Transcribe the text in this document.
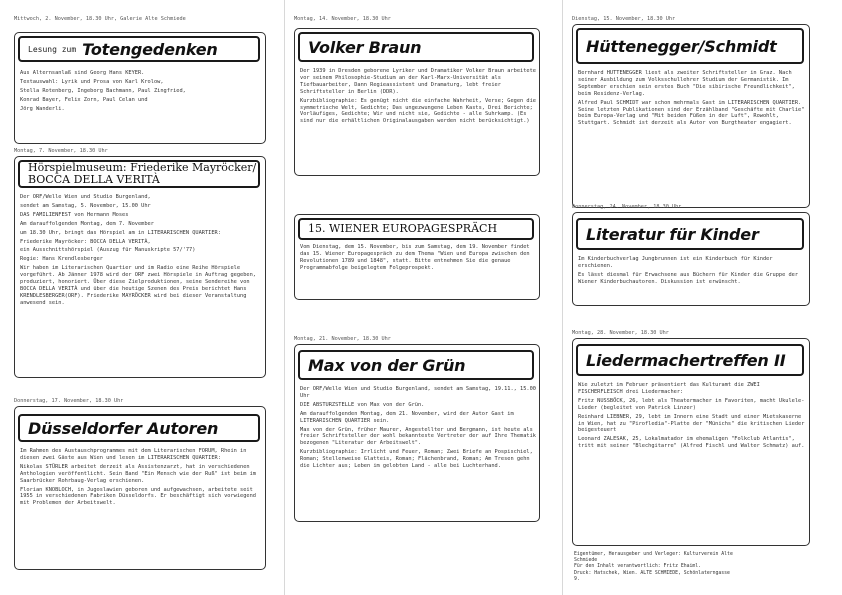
Mittwoch, 2. November, 18.30 Uhr, Galerie Alte Schmiede
Lesung zum Totengedenken

Aus Alternsanlaß sind Georg Hans KEYER.

Textauswahl: Lyrik und Prosa von Karl Krolow,

Stella Rotenberg, Ingeborg Bachmann, Paul Zingfried,

Konrad Bayer, Felix Zorn, Paul Celan und

Jörg Wanderli.

Montag, 7. November, 18.30 Uhr
Hörspielmuseum: Friederike Mayröcker/ BOCCA DELLA VERITÀ

Der ORF/Welle Wien und Studio Burgenland,

sendet am Samstag, 5. November, 15.00 Uhr

DAS FAMILIENFEST von Hermann Moses

Am darauffolgenden Montag, dem 7. November

um 18.30 Uhr, bringt das Hörspiel am in LITERARISCHEN QUARTIER:

Friederike Mayröcker: BOCCA DELLA VERITÀ,

ein Ausschnittshörspiel (Auszug für Manuskripte 57/'77)

Regie: Hans Krendlesberger

Wir haben im Literarischen Quartier und im Radio eine Reihe Hörspiele vorgeführt. Ab Jänner 1978 wird der ORF zwei Hörspiele in Auftrag gegeben, produziert, honoriert. Über diese Zielproduktionen, seine Sendereihe von BOCCA DELLA VERITÀ und über die heutige Szenen des Preis berichtet Hans KRENDLESBERGER(ORF). Friederike MAYRÖCKER wird bei dieser Veranstaltung anwesend sein.

Donnerstag, 17. November, 18.30 Uhr
Düsseldorfer Autoren

Im Rahmen des Austauschprogrammes mit dem Literarischen FORUM, Rhein in diesen zwei Gäste aus Wien und lesen im LITERARISCHEN QUARTIER:

Nikolas STÜRLER arbeitet derzeit als Assistenzarzt, hat in verschiedenen Anthologien veröffentlicht. Sein Band "Ein Mensch wie der Ruß" ist beim im Saarbrücker Rohrbaug-Verlag erschienen.

Florian KNOBLOCH, in Jugoslawien geboren und aufgewachsen, arbeitete seit 1955 in verschiedenen Fabriken Düsseldorfs. Er beschäftigt sich vorwiegend mit Problemen der Arbeitswelt.

Montag, 14. November, 18.30 Uhr
Volker Braun

Der 1939 in Dresden geborene Lyriker und Dramatiker Volker Braun arbeitete vor seinem Philosophie-Studium an der Karl-Marx-Universität als Tiefbauarbeiter, Dann Regieassistent und Dramaturg, lebt freier Schriftsteller in Berlin (DDR).

Kurzbibliographie: Es genügt nicht die einfache Wahrheit, Verse; Gegen die symmetrische Welt, Gedichte; Das ungezwungene Leben Kasts, Drei Berichte; Vorläufiges, Gedichte; Wir und nicht sie, Gedichte - alle Suhrkamp. (Es sind nur die erhältlichen Originalausgaben werden nicht berücksichtigt.)

15. WIENER EUROPAGESPRÄCH

Vom Dienstag, dem 15. November, bis zum Samstag, dem 19. November findet das 15. Wiener Europagespräch zu dem Thema "Wien und Europa zwischen den Revolutionen 1789 und 1848", statt. Bitte entnehmen Sie die genaue Programmabfolge beigelegtem Folgeprospekt.

Montag, 21. November, 18.30 Uhr
Max von der Grün

Der ORF/Welle Wien und Studio Burgenland, sendet am Samstag, 19.11., 15.00 Uhr

DIE ABSTURZSTELLE von Max von der Grün.

Am darauffolgenden Montag, dem 21. November, wird der Autor Gast im LITERARISCHEN QUARTIER sein.

Max von der Grün, früher Maurer, Angestellter und Bergmann, ist heute als freier Schriftsteller der wohl bekannteste Vertreter der auf Ihre Thematik bezogenen "Literatur der Arbeitswelt".

Kurzbibliographie: Irrlicht und Feuer, Roman; Zwei Briefe an Pospischiel, Roman; Stellenweise Glatteis, Roman; Flächenbrand, Roman; Am Tresen gehn die Lichter aus; Leben im gelobten Land - alle bei Luchterhand.

Dienstag, 15. November, 18.30 Uhr
Hüttenegger/Schmidt

Bernhard HÜTTENEGGER liest als zweiter Schriftsteller in Graz. Nach seiner Ausbildung zum Volksschullehrer Studium der Germanistik. Im September erschien sein erstes Buch "Die sibirische Freundlichkeit", beim Residenz-Verlag.

Alfred Paul SCHMIDT war schon mehrmals Gast im LITERARISCHEN QUARTIER. Seine letzten Publikationen sind der Erzählband "Geschäfte mit Charlie" beim Europa-Verlag und "Mit beiden Füßen in der Luft", Rowohlt, Stuttgart. Schmidt ist derzeit als Autor von Burgtheater engagiert.

Donnerstag, 24. November, 18.30 Uhr
Literatur für Kinder

Im Kinderbuchverlag Jungbrunnen ist ein Kinderbuch für Kinder erschienen.

Es lässt diesmal für Erwachsene aus Büchern für Kinder die Gruppe der Wiener Kinderbuchautoren. Diskussion ist erwünscht.

Montag, 28. November, 18.30 Uhr
Liedermachertreffen II

Wie zuletzt im Februer präsentiert das Kulturamt die ZWEI FISCHERFLEISCH drei Liedermacher:

Fritz NUSSBÖCK, 26, lebt als Theatermacher in Favoriten, macht Ukulele-Lieder (begleitet von Patrick Linzer)

Reinhard LIEBNER, 29, lebt im Innern eine Stadt und einer Mietskaserne in Wien, hat zu "Pirofledia"-Platte der "Münichs" die kritischen Lieder beigesteuert

Leonard ZALESAK, 25, Lokalmatador im ehemaligen "Folkclub Atlantis", tritt mit seiner "Blechgitarre" (Alfred Fischl und Walter Schmatz) auf.

Eigentümer, Herausgeber und Verleger: Kulturverein Alte Schmiede
Für den Inhalt verantwortlich: Fritz Ehaiml.
Druck: Hatschek, Wien. ALTE SCHMIEDE, Schönlaterngasse 9.
